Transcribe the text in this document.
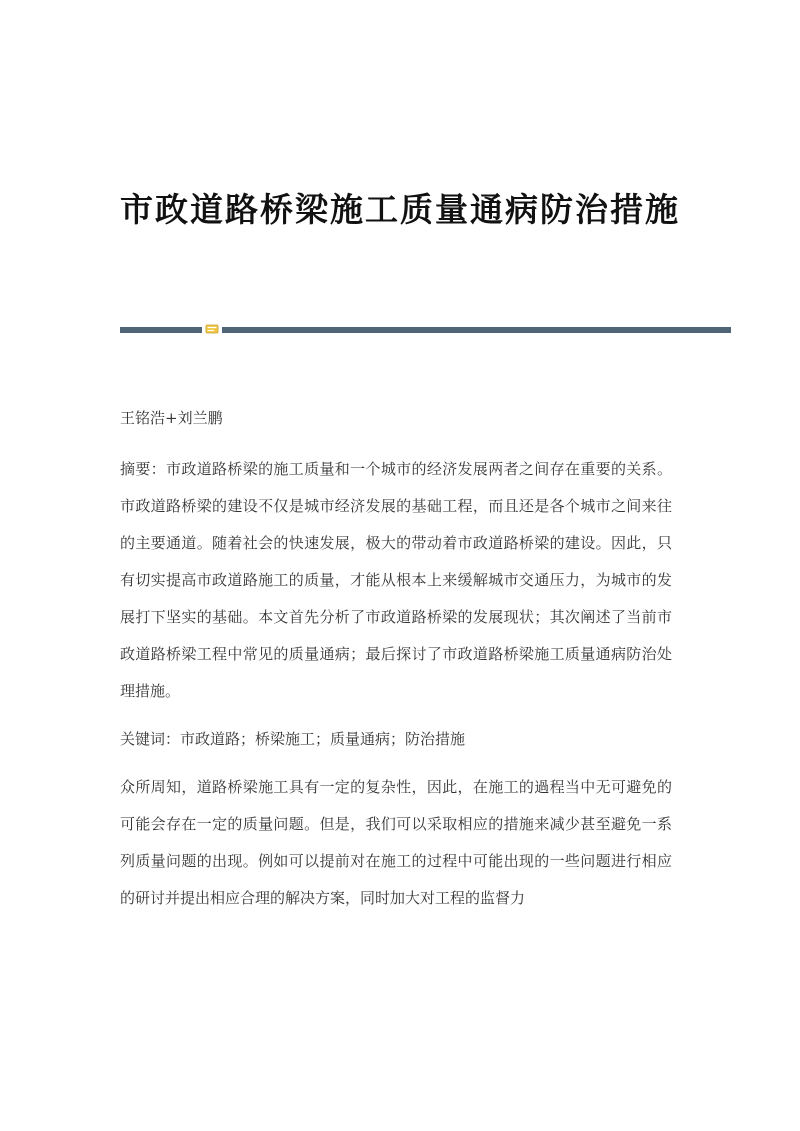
市政道路桥梁施工质量通病防治措施

王铭浩+刘兰鹏

摘要：市政道路桥梁的施工质量和一个城市的经济发展两者之间存在重要的关系。市政道路桥梁的建设不仅是城市经济发展的基础工程，而且还是各个城市之间来往的主要通道。随着社会的快速发展，极大的带动着市政道路桥梁的建设。因此，只有切实提高市政道路施工的质量，才能从根本上来缓解城市交通压力，为城市的发展打下坚实的基础。本文首先分析了市政道路桥梁的发展现状；其次阐述了当前市政道路桥梁工程中常见的质量通病；最后探讨了市政道路桥梁施工质量通病防治处理措施。

关键词：市政道路；桥梁施工；质量通病；防治措施

众所周知，道路桥梁施工具有一定的复杂性，因此，在施工的過程当中无可避免的可能会存在一定的质量问题。但是，我们可以采取相应的措施来减少甚至避免一系列质量问题的出现。例如可以提前对在施工的过程中可能出现的一些问题进行相应的研讨并提出相应合理的解决方案，同时加大对工程的监督力
